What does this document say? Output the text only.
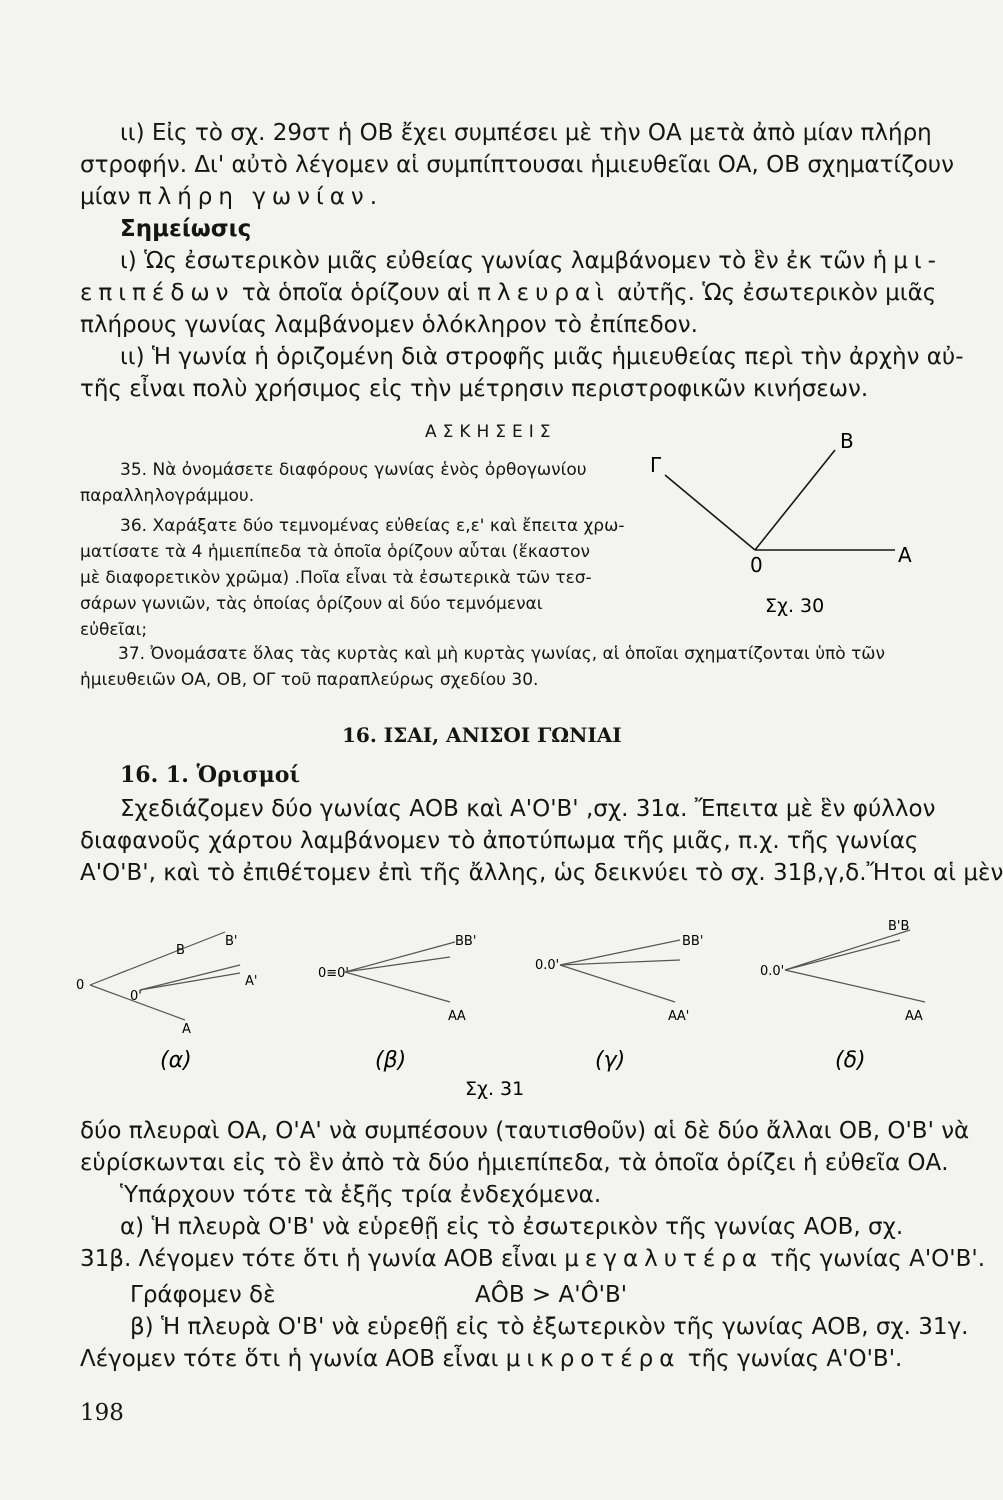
ιι) Εἰς τὸ σχ. 29στ ἡ ΟΒ ἔχει συμπέσει μὲ τὴν ΟΑ μετὰ ἀπὸ μίαν πλήρη
στροφήν. Δι' αὐτὸ λέγομεν αἱ συμπίπτουσαι ἡμιευθεῖαι ΟΑ, ΟΒ σχηματίζουν
μίαν πλήρη γωνίαν.
Σημείωσις
ι) Ὡς ἐσωτερικὸν μιᾶς εὐθείας γωνίας λαμβάνομεν τὸ ἓν ἐκ τῶν ἡμι-
επιπέδων τὰ ὁποῖα ὁρίζουν αἱ πλευραὶ αὐτῆς. Ὡς ἐσωτερικὸν μιᾶς
πλήρους γωνίας λαμβάνομεν ὁλόκληρον τὸ ἐπίπεδον.
ιι) Ἡ γωνία ἡ ὁριζομένη διὰ στροφῆς μιᾶς ἡμιευθείας περὶ τὴν ἀρχὴν αὐ-
τῆς εἶναι πολὺ χρήσιμος εἰς τὴν μέτρησιν περιστροφικῶν κινήσεων.
ΑΣΚΗΣΕΙΣ
35. Νὰ ὀνομάσετε διαφόρους γωνίας ἑνὸς ὀρθογωνίου
παραλληλογράμμου.
36. Χαράξατε δύο τεμνομένας εὐθείας ε,ε' καὶ ἔπειτα χρω-
ματίσατε τὰ 4 ἡμιεπίπεδα τὰ ὁποῖα ὁρίζουν αὗται (ἕκαστον
μὲ διαφορετικὸν χρῶμα) .Ποῖα εἶναι τὰ ἐσωτερικὰ τῶν τεσ-
σάρων γωνιῶν, τὰς ὁποίας ὁρίζουν αἱ δύο τεμνόμεναι
εὐθεῖαι;
Γ
Β
0	Α
Σχ. 30
37. Ὀνομάσατε ὅλας τὰς κυρτὰς καὶ μὴ κυρτὰς γωνίας, αἱ ὁποῖαι σχηματίζονται ὑπὸ τῶν
ἡμιευθειῶν ΟΑ, ΟΒ, ΟΓ τοῦ παραπλεύρως σχεδίου 30.
16. ΙΣΑΙ, ΑΝΙΣΟΙ ΓΩΝΙΑΙ
16. 1. Ὁρισμοί
Σχεδιάζομεν δύο γωνίας ΑΟΒ καὶ Α'Ο'Β' ,σχ. 31α. Ἔπειτα μὲ ἓν φύλλον
διαφανοῦς χάρτου λαμβάνομεν τὸ ἀποτύπωμα τῆς μιᾶς, π.χ. τῆς γωνίας
Α'Ο'Β', καὶ τὸ ἐπιθέτομεν ἐπὶ τῆς ἄλλης, ὡς δεικνύει τὸ σχ. 31β,γ,δ.Ἤτοι αἱ μὲν
0
0'
Β
Β'
Α'
Α
(α)
0≡0'
ΒΒ'
ΑΑ
(β)
0.0'
ΒΒ'
ΑΑ'
(γ)
0.0'
Β'Β
ΑΑ
(δ)
Σχ. 31
δύο πλευραὶ ΟΑ, Ο'Α' νὰ συμπέσουν (ταυτισθοῦν) αἱ δὲ δύο ἄλλαι ΟΒ, Ο'Β' νὰ
εὑρίσκωνται εἰς τὸ ἓν ἀπὸ τὰ δύο ἡμιεπίπεδα, τὰ ὁποῖα ὁρίζει ἡ εὐθεῖα ΟΑ.
Ὑπάρχουν τότε τὰ ἑξῆς τρία ἐνδεχόμενα.
α) Ἡ πλευρὰ Ο'Β' νὰ εὑρεθῇ εἰς τὸ ἐσωτερικὸν τῆς γωνίας ΑΟΒ, σχ.
31β. Λέγομεν τότε ὅτι ἡ γωνία ΑΟΒ εἶναι μεγαλυτέρα τῆς γωνίας Α'Ο'Β'.
Γράφομεν δὲ	ΑÔΒ > Α'Ô'Β'
β) Ἡ πλευρὰ Ο'Β' νὰ εὑρεθῇ εἰς τὸ ἐξωτερικὸν τῆς γωνίας ΑΟΒ, σχ. 31γ.
Λέγομεν τότε ὅτι ἡ γωνία ΑΟΒ εἶναι μικροτέρα τῆς γωνίας Α'Ο'Β'.
198
